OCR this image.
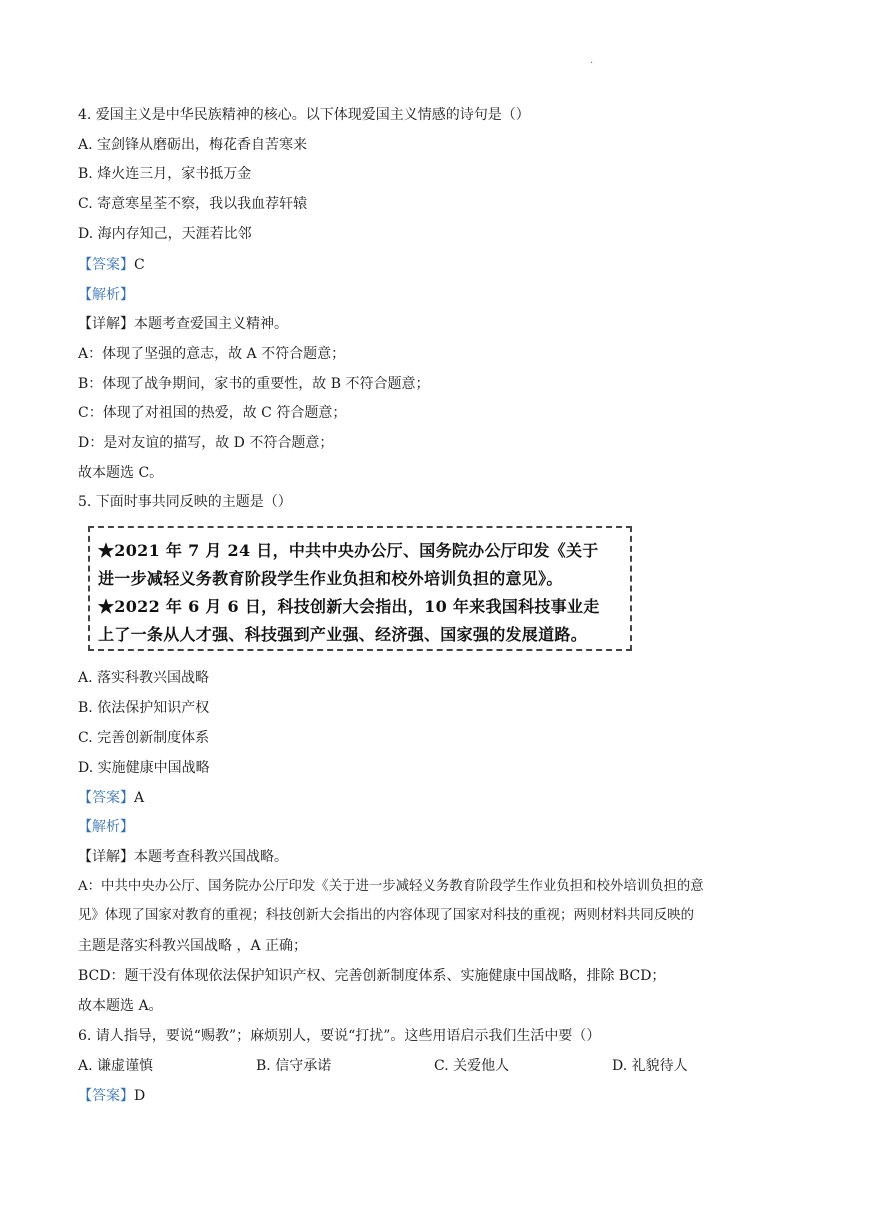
·
4. 爱国主义是中华民族精神的核心。以下体现爱国主义情感的诗句是（）
A. 宝剑锋从磨砺出，梅花香自苦寒来
B. 烽火连三月，家书抵万金
C. 寄意寒星荃不察，我以我血荐轩辕
D. 海内存知己，天涯若比邻
【答案】C
【解析】
【详解】本题考查爱国主义精神。
A：体现了坚强的意志，故 A 不符合题意；
B：体现了战争期间，家书的重要性，故 B 不符合题意；
C：体现了对祖国的热爱，故 C 符合题意；
D：是对友谊的描写，故 D 不符合题意；
故本题选 C。
5. 下面时事共同反映的主题是（）
★2021 年 7 月 24 日，中共中央办公厅、国务院办公厅印发《关于
进一步减轻义务教育阶段学生作业负担和校外培训负担的意见》。
★2022 年 6 月 6 日，科技创新大会指出，10 年来我国科技事业走
上了一条从人才强、科技强到产业强、经济强、国家强的发展道路。
A. 落实科教兴国战略
B. 依法保护知识产权
C. 完善创新制度体系
D. 实施健康中国战略
【答案】A
【解析】
【详解】本题考查科教兴国战略。
A：中共中央办公厅、国务院办公厅印发《关于进一步减轻义务教育阶段学生作业负担和校外培训负担的意
见》体现了国家对教育的重视；科技创新大会指出的内容体现了国家对科技的重视；两则材料共同反映的
主题是落实科教兴国战略 ，A 正确；
BCD：题干没有体现依法保护知识产权、完善创新制度体系、实施健康中国战略，排除 BCD；
故本题选 A。
6. 请人指导，要说“赐教”；麻烦别人，要说“打扰”。这些用语启示我们生活中要（）
A. 谦虚谨慎	B. 信守承诺	C. 关爱他人	D. 礼貌待人
【答案】D
